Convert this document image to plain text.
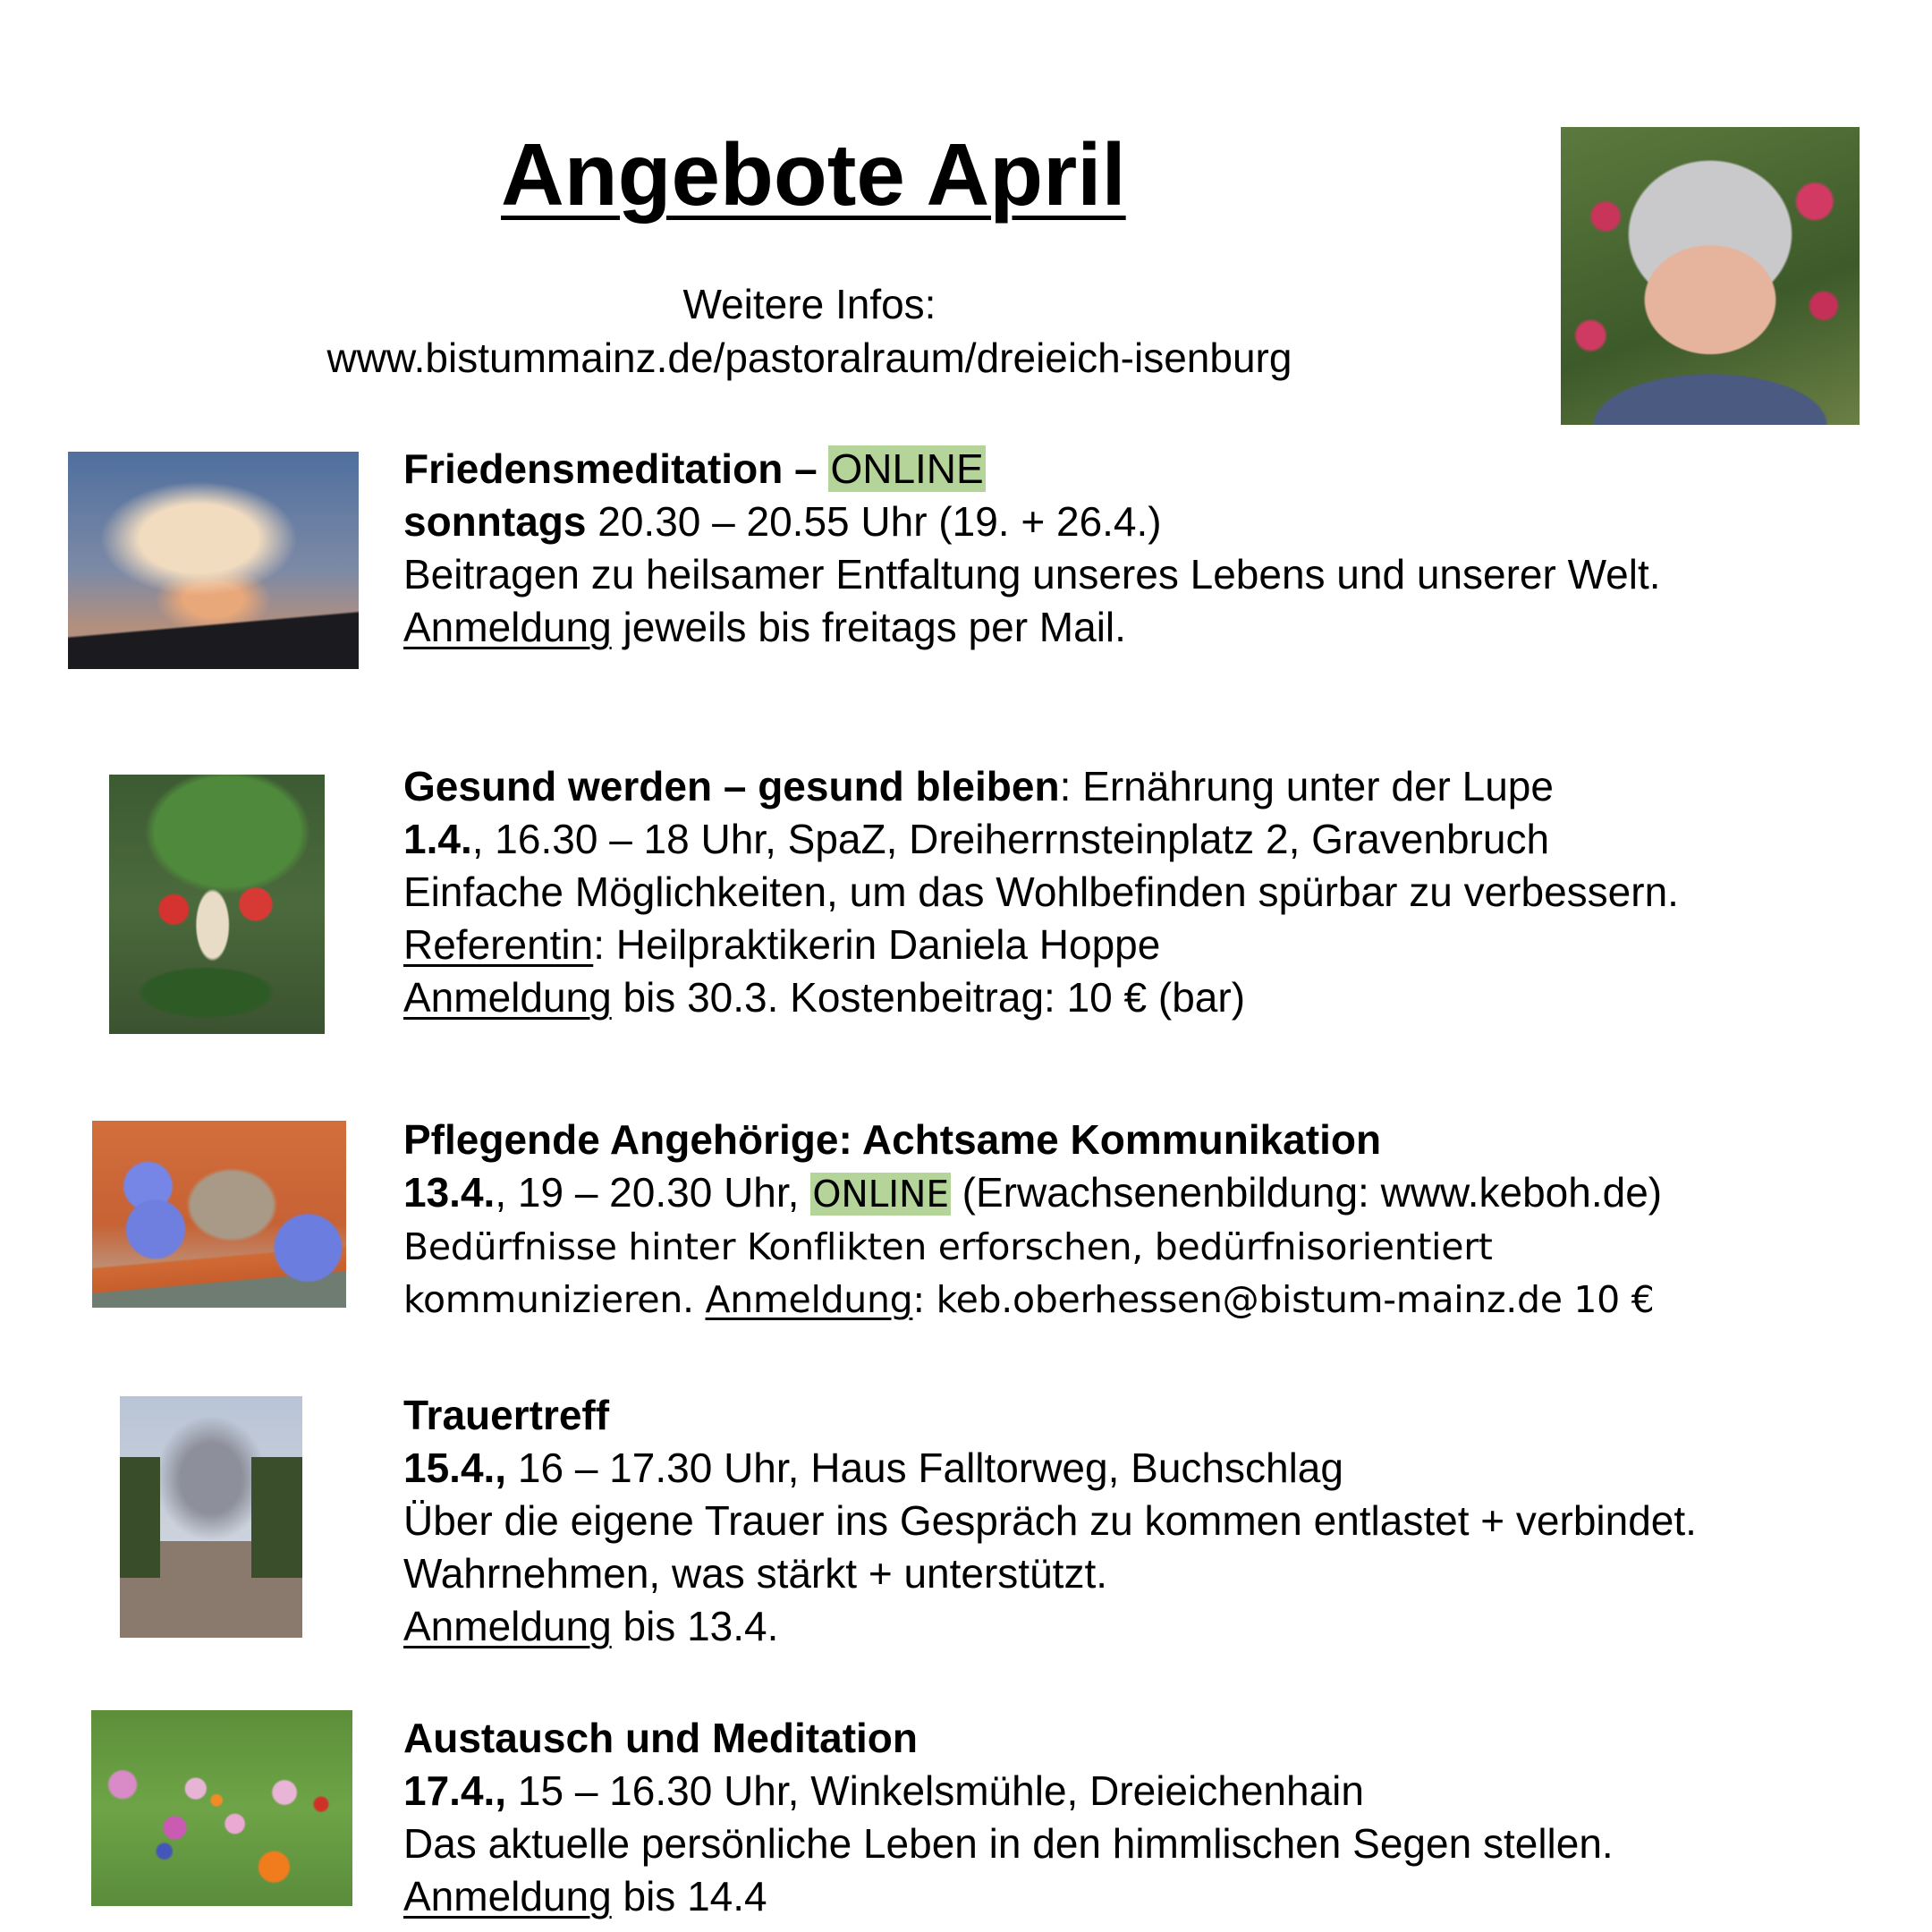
Angebote April
Weitere Infos:
www.bistummainz.de/pastoralraum/dreieich-isenburg
Friedensmeditation – ONLINE
sonntags 20.30 – 20.55 Uhr (19. + 26.4.)
Beitragen zu heilsamer Entfaltung unseres Lebens und unserer Welt.
Anmeldung jeweils bis freitags per Mail.
Gesund werden – gesund bleiben: Ernährung unter der Lupe
1.4., 16.30 – 18 Uhr, SpaZ, Dreiherrnsteinplatz 2, Gravenbruch
Einfache Möglichkeiten, um das Wohlbefinden spürbar zu verbessern.
Referentin: Heilpraktikerin Daniela Hoppe
Anmeldung bis 30.3. Kostenbeitrag: 10 € (bar)
Pflegende Angehörige: Achtsame Kommunikation
13.4., 19 – 20.30 Uhr, ONLINE (Erwachsenenbildung: www.keboh.de)
Bedürfnisse hinter Konflikten erforschen, bedürfnisorientiert
kommunizieren. Anmeldung: keb.oberhessen@bistum-mainz.de 10 €
Trauertreff
15.4., 16 – 17.30 Uhr, Haus Falltorweg, Buchschlag
Über die eigene Trauer ins Gespräch zu kommen entlastet + verbindet.
Wahrnehmen, was stärkt + unterstützt.
Anmeldung bis 13.4.
Austausch und Meditation
17.4., 15 – 16.30 Uhr, Winkelsmühle, Dreieichenhain
Das aktuelle persönliche Leben in den himmlischen Segen stellen.
Anmeldung bis 14.4
